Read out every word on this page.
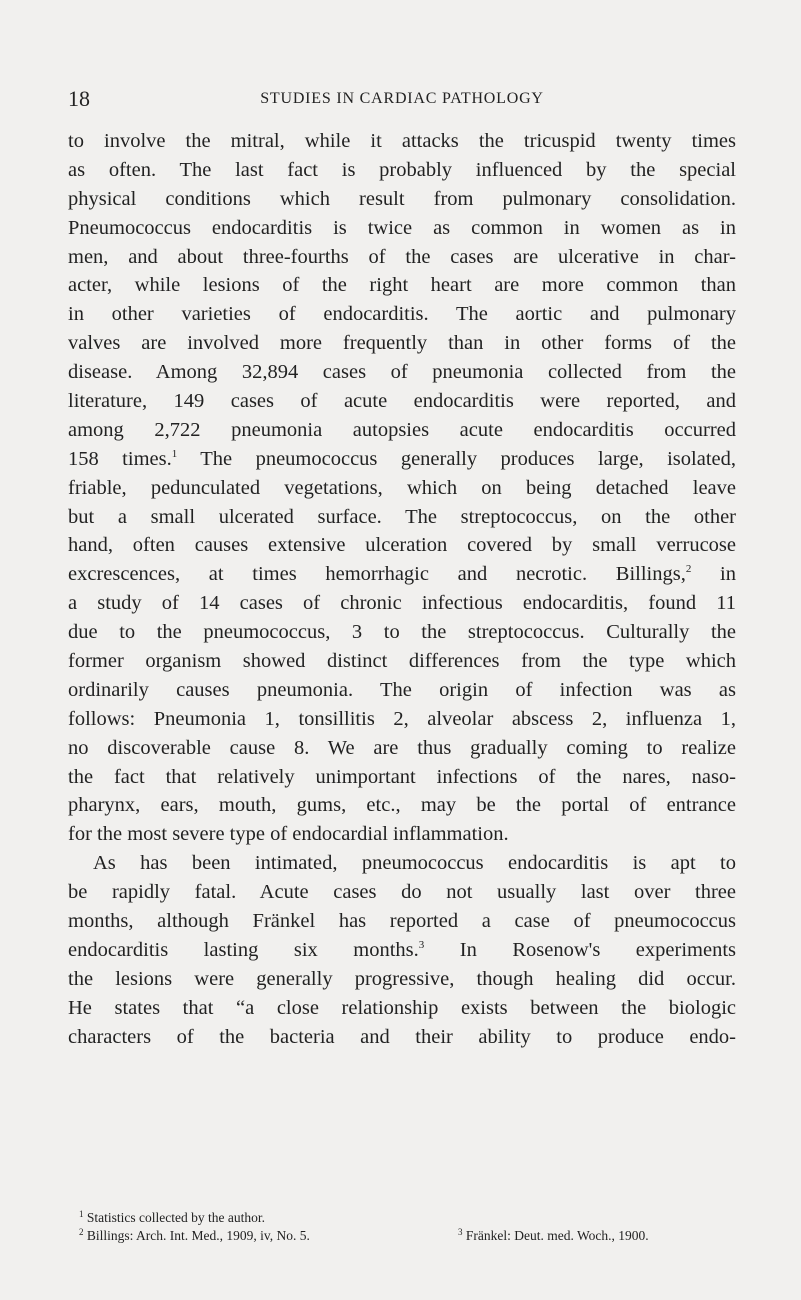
18	STUDIES IN CARDIAC PATHOLOGY
to involve the mitral, while it attacks the tricuspid twenty times
as often. The last fact is probably influenced by the special
physical conditions which result from pulmonary consolidation.
Pneumococcus endocarditis is twice as common in women as in
men, and about three-fourths of the cases are ulcerative in char-
acter, while lesions of the right heart are more common than
in other varieties of endocarditis. The aortic and pulmonary
valves are involved more frequently than in other forms of the
disease. Among 32,894 cases of pneumonia collected from the
literature, 149 cases of acute endocarditis were reported, and
among 2,722 pneumonia autopsies acute endocarditis occurred
158 times.$^1$ The pneumococcus generally produces large, isolated,
friable, pedunculated vegetations, which on being detached leave
but a small ulcerated surface. The streptococcus, on the other
hand, often causes extensive ulceration covered by small verrucose
excrescences, at times hemorrhagic and necrotic. Billings,$^2$ in
a study of 14 cases of chronic infectious endocarditis, found 11
due to the pneumococcus, 3 to the streptococcus. Culturally the
former organism showed distinct differences from the type which
ordinarily causes pneumonia. The origin of infection was as
follows: Pneumonia 1, tonsillitis 2, alveolar abscess 2, influenza 1,
no discoverable cause 8. We are thus gradually coming to realize
the fact that relatively unimportant infections of the nares, naso-
pharynx, ears, mouth, gums, etc., may be the portal of entrance
for the most severe type of endocardial inflammation.
As has been intimated, pneumococcus endocarditis is apt to
be rapidly fatal. Acute cases do not usually last over three
months, although Fränkel has reported a case of pneumococcus
endocarditis lasting six months.$^3$ In Rosenow's experiments
the lesions were generally progressive, though healing did occur.
He states that “a close relationship exists between the biologic
characters of the bacteria and their ability to produce endo-
$^1$ Statistics collected by the author.
$^2$ Billings: Arch. Int. Med., 1909, iv, No. 5.	$^3$ Fränkel: Deut. med. Woch., 1900.
